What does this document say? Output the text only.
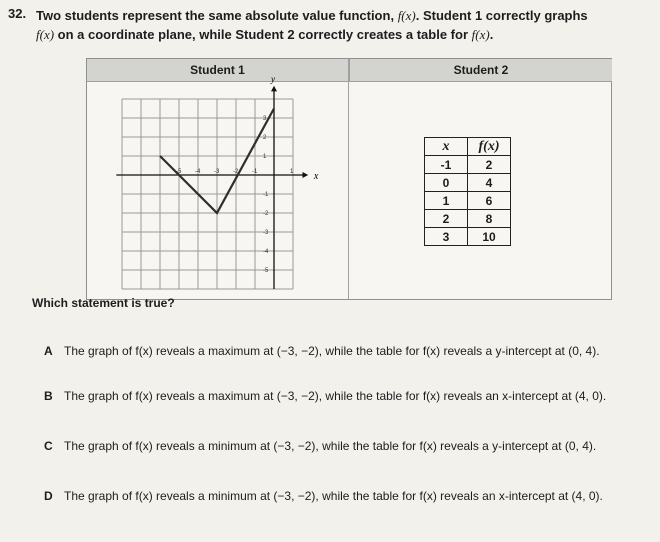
32. Two students represent the same absolute value function, f(x). Student 1 correctly graphs
f(x) on a coordinate plane, while Student 2 correctly creates a table for f(x).
Student 1	Student 2
x
y
-5 -4 -3 -2 -1	1
3
2
1
-1
-2
-3
-4
-5
x	f(x)
-1	2
0	4
1	6
2	8
3	10
Which statement is true?
A The graph of f(x) reveals a maximum at (−3, −2), while the table for f(x) reveals a y-intercept at (0, 4).
B The graph of f(x) reveals a maximum at (−3, −2), while the table for f(x) reveals an x-intercept at (4, 0).
C The graph of f(x) reveals a minimum at (−3, −2), while the table for f(x) reveals a y-intercept at (0, 4).
D The graph of f(x) reveals a minimum at (−3, −2), while the table for f(x) reveals an x-intercept at (4, 0).
